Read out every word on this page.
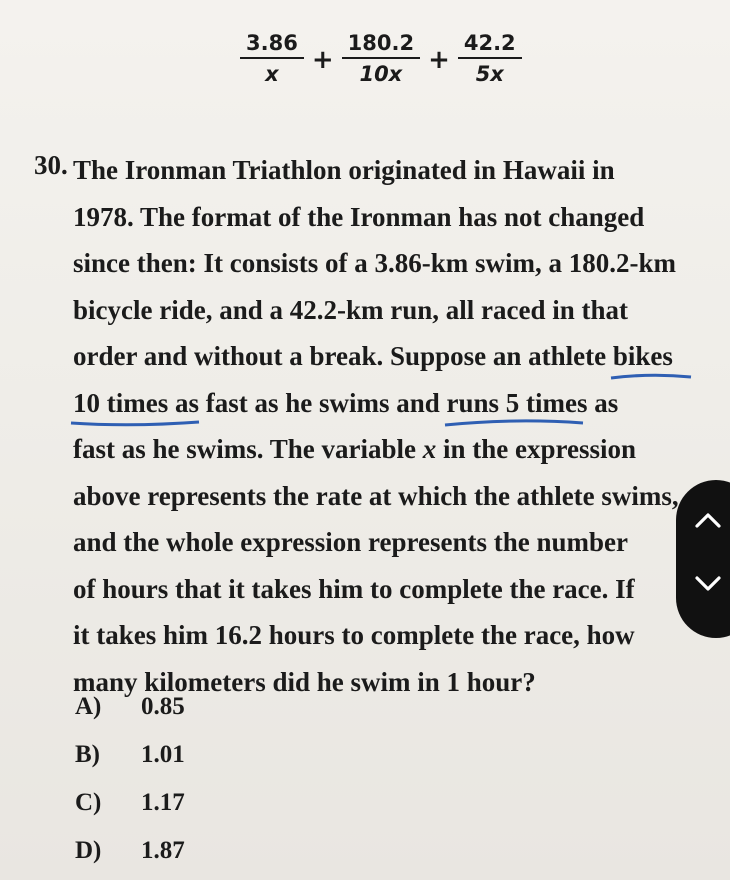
$\frac{3.86}{x} + \frac{180.2}{10x} + \frac{42.2}{5x}$
30. The Ironman Triathlon originated in Hawaii in
1978. The format of the Ironman has not changed
since then: It consists of a 3.86-km swim, a 180.2-km
bicycle ride, and a 42.2-km run, all raced in that
order and without a break. Suppose an athlete bikes
10 times as
fast as he swims and runs 5 times
as
fast as he swims. The variable x in the expression
above represents the rate at which the athlete swims,
and the whole expression represents the number
of hours that it takes him to complete the race. If
it takes him 16.2 hours to complete the race, how
many kilometers did he swim in 1 hour?
A)	0.85
B)	1.01
C)	1.17
D)	1.87
